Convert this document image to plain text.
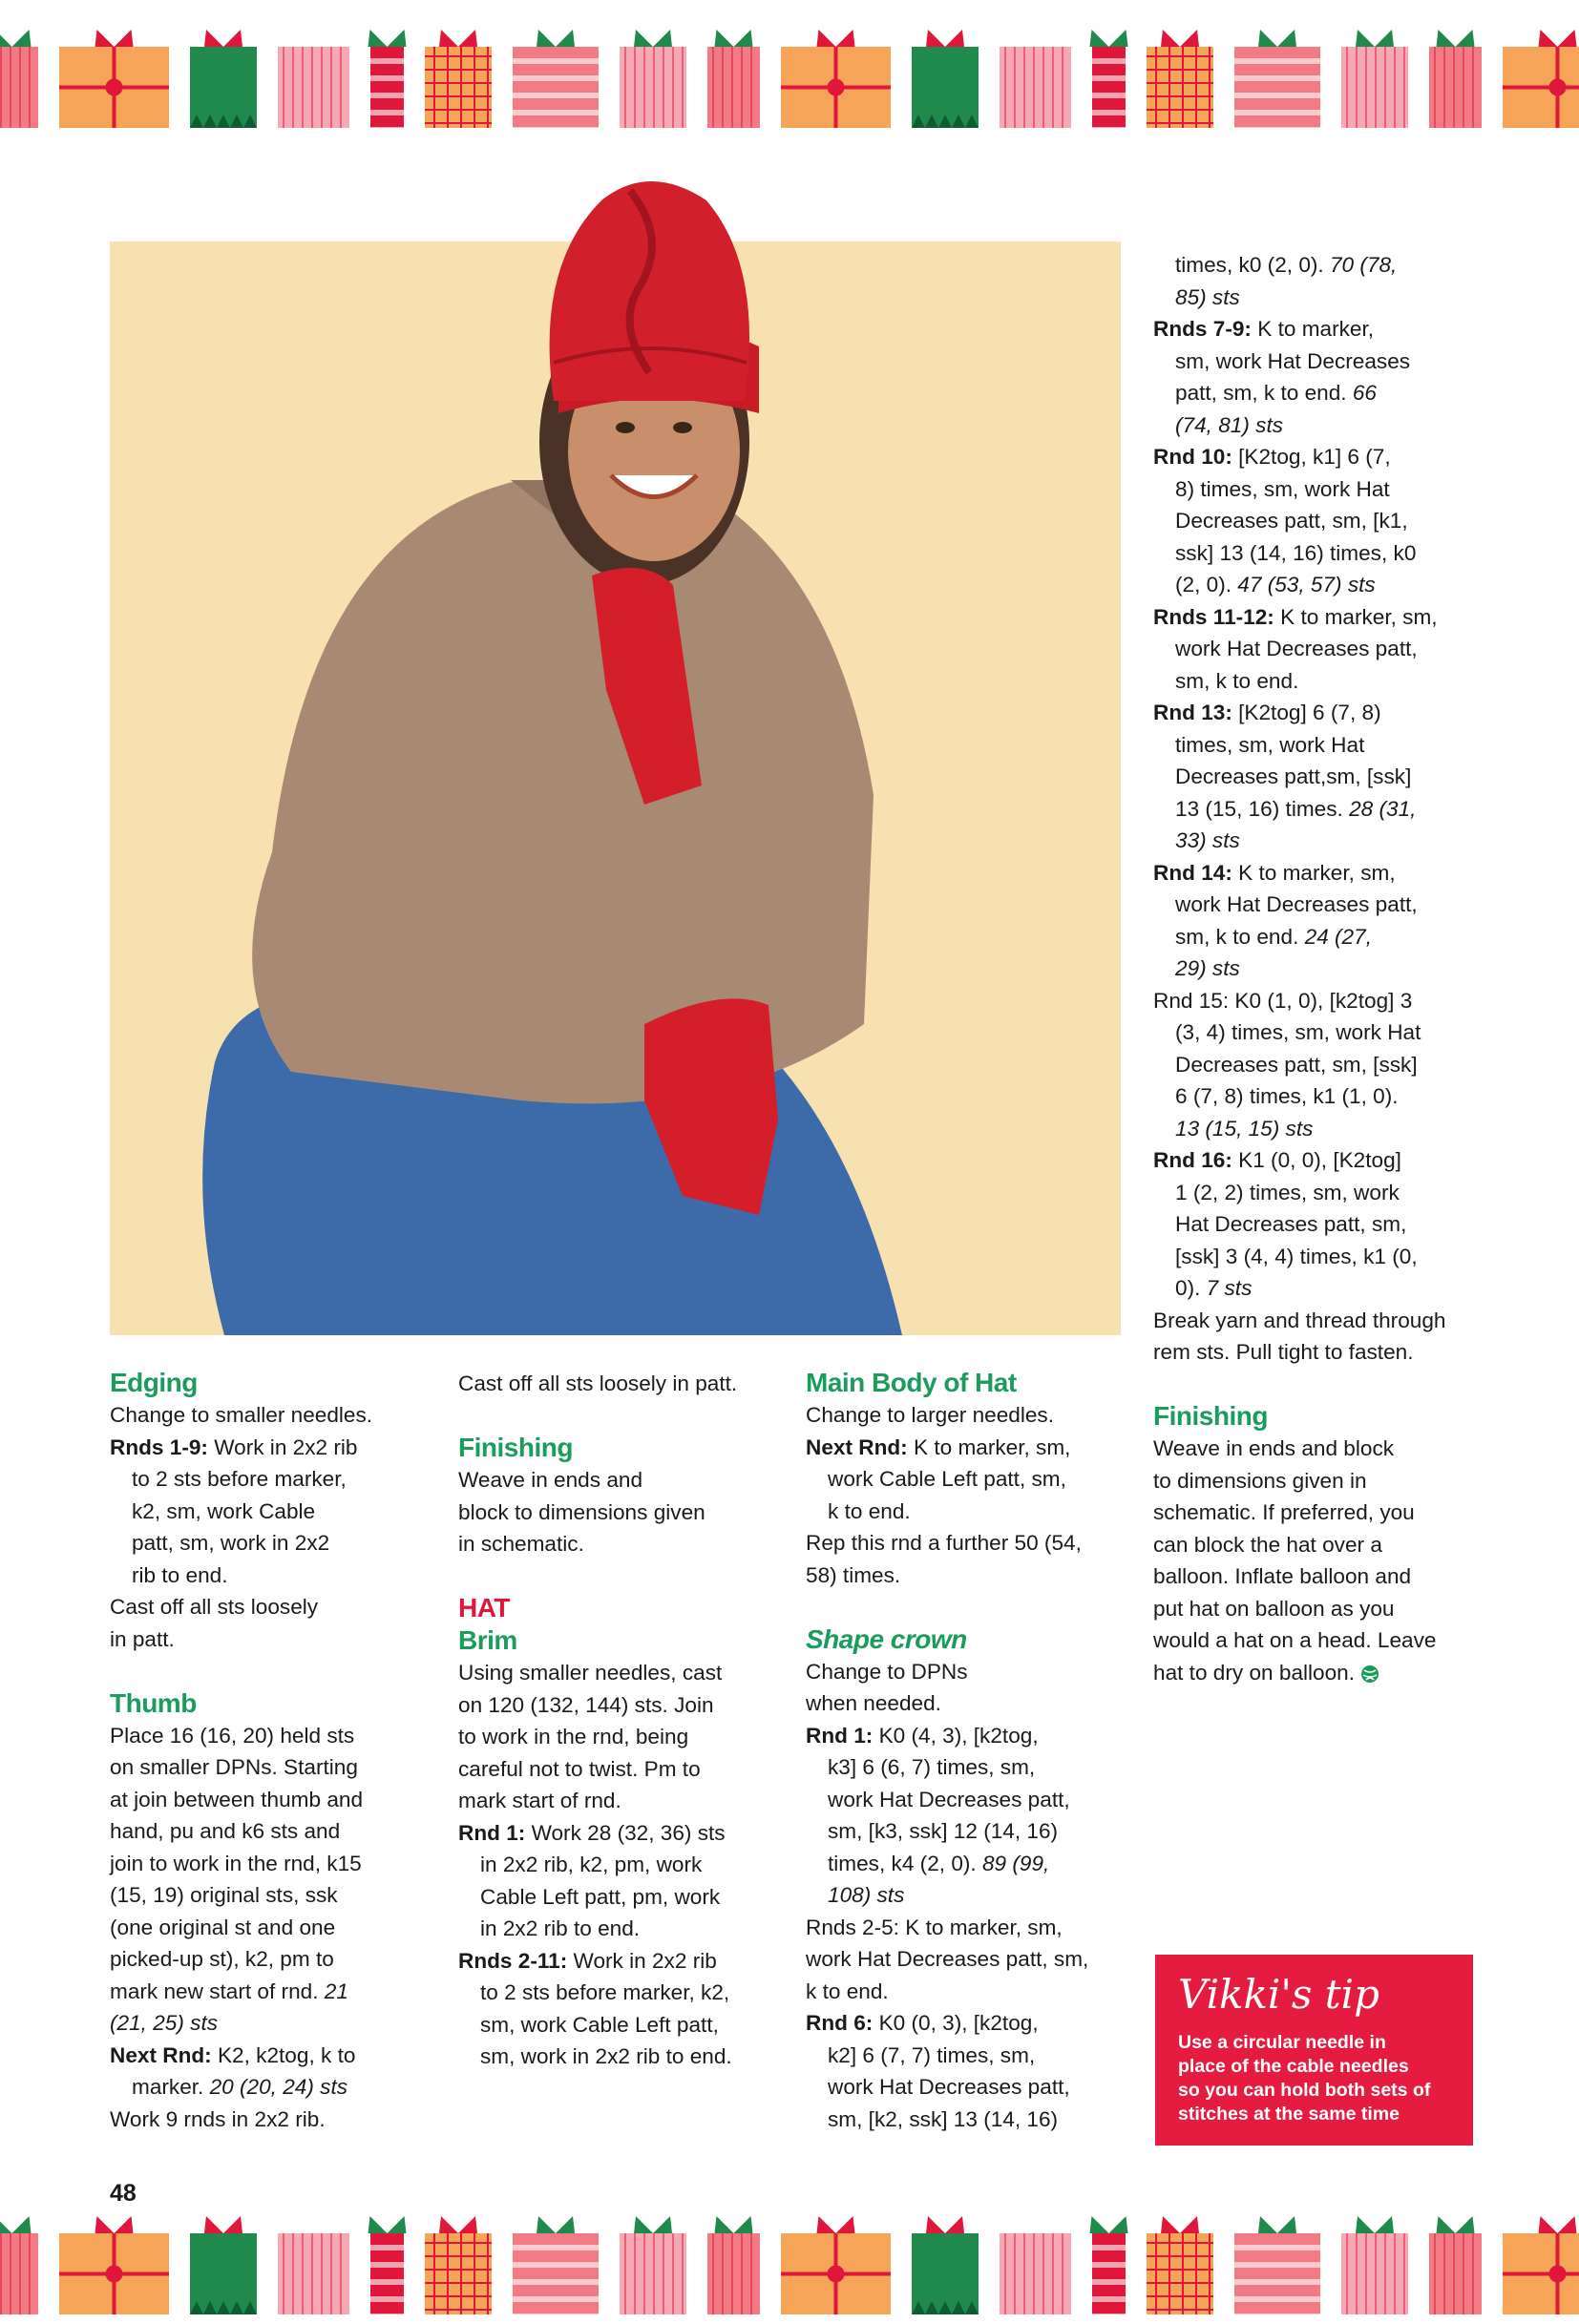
Edging

Change to smaller needles.

Rnds 1-9: Work in 2x2 rib

to 2 sts before marker,

k2, sm, work Cable

patt, sm, work in 2x2

rib to end.

Cast off all sts loosely

in patt.

Thumb

Place 16 (16, 20) held sts

on smaller DPNs. Starting

at join between thumb and

hand, pu and k6 sts and

join to work in the rnd, k15

(15, 19) original sts, ssk

(one original st and one

picked-up st), k2, pm to

mark new start of rnd. 21

(21, 25) sts

Next Rnd: K2, k2tog, k to

marker. 20 (20, 24) sts

Work 9 rnds in 2x2 rib.

Cast off all sts loosely in patt.

Finishing

Weave in ends and

block to dimensions given

in schematic.

HAT
Brim

Using smaller needles, cast

on 120 (132, 144) sts. Join

to work in the rnd, being

careful not to twist. Pm to

mark start of rnd.

Rnd 1: Work 28 (32, 36) sts

in 2x2 rib, k2, pm, work

Cable Left patt, pm, work

in 2x2 rib to end.

Rnds 2-11: Work in 2x2 rib

to 2 sts before marker, k2,

sm, work Cable Left patt,

sm, work in 2x2 rib to end.

Main Body of Hat

Change to larger needles.

Next Rnd: K to marker, sm,

work Cable Left patt, sm,

k to end.

Rep this rnd a further 50 (54,

58) times.

Shape crown

Change to DPNs

when needed.

Rnd 1: K0 (4, 3), [k2tog,

k3] 6 (6, 7) times, sm,

work Hat Decreases patt,

sm, [k3, ssk] 12 (14, 16)

times, k4 (2, 0). 89 (99,

108) sts

Rnds 2-5: K to marker, sm,

work Hat Decreases patt, sm,

k to end.

Rnd 6: K0 (0, 3), [k2tog,

k2] 6 (7, 7) times, sm,

work Hat Decreases patt,

sm, [k2, ssk] 13 (14, 16)

times, k0 (2, 0). 70 (78,

85) sts

Rnds 7-9: K to marker,

sm, work Hat Decreases

patt, sm, k to end. 66

(74, 81) sts

Rnd 10: [K2tog, k1] 6 (7,

8) times, sm, work Hat

Decreases patt, sm, [k1,

ssk] 13 (14, 16) times, k0

(2, 0). 47 (53, 57) sts

Rnds 11-12: K to marker, sm,

work Hat Decreases patt,

sm, k to end.

Rnd 13: [K2tog] 6 (7, 8)

times, sm, work Hat

Decreases patt,sm, [ssk]

13 (15, 16) times. 28 (31,

33) sts

Rnd 14: K to marker, sm,

work Hat Decreases patt,

sm, k to end. 24 (27,

29) sts

Rnd 15: K0 (1, 0), [k2tog] 3

(3, 4) times, sm, work Hat

Decreases patt, sm, [ssk]

6 (7, 8) times, k1 (1, 0).

13 (15, 15) sts

Rnd 16: K1 (0, 0), [K2tog]

1 (2, 2) times, sm, work

Hat Decreases patt, sm,

[ssk] 3 (4, 4) times, k1 (0,

0). 7 sts

Break yarn and thread through

rem sts. Pull tight to fasten.

Finishing

Weave in ends and block

to dimensions given in

schematic. If preferred, you

can block the hat over a

balloon. Inflate balloon and

put hat on balloon as you

would a hat on a head. Leave

hat to dry on balloon.

Vikki's tip

Use a circular needle in

place of the cable needles

so you can hold both sets of

stitches at the same time

48
